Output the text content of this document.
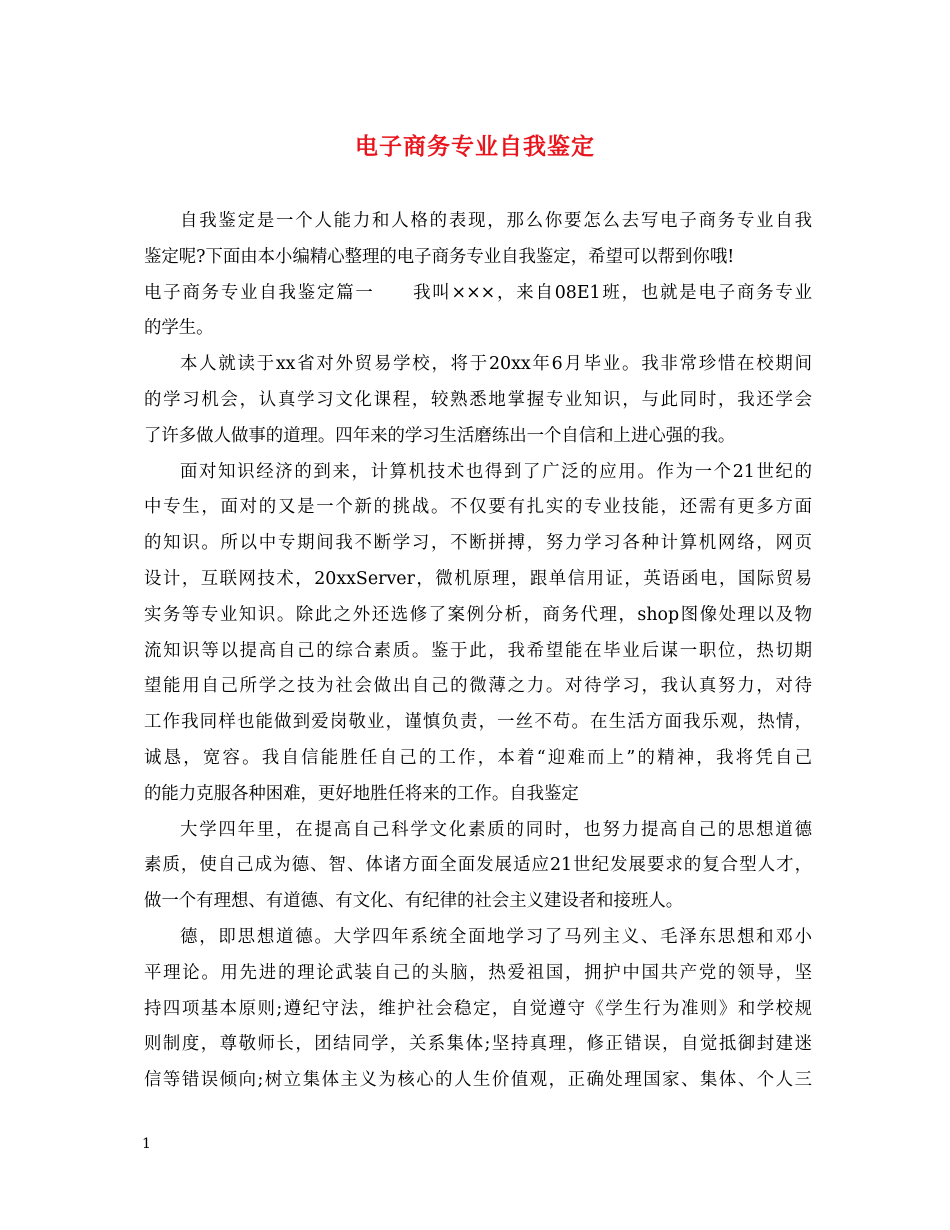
电子商务专业自我鉴定
自我鉴定是一个人能力和人格的表现，那么你要怎么去写电子商务专业自我
鉴定呢?下面由本小编精心整理的电子商务专业自我鉴定，希望可以帮到你哦!
电子商务专业自我鉴定篇一　　我叫×××，来自08E1班，也就是电子商务专业
的学生。
本人就读于xx省对外贸易学校，将于20xx年6月毕业。我非常珍惜在校期间
的学习机会，认真学习文化课程，较熟悉地掌握专业知识，与此同时，我还学会
了许多做人做事的道理。四年来的学习生活磨练出一个自信和上进心强的我。
面对知识经济的到来，计算机技术也得到了广泛的应用。作为一个21世纪的
中专生，面对的又是一个新的挑战。不仅要有扎实的专业技能，还需有更多方面
的知识。所以中专期间我不断学习，不断拼搏，努力学习各种计算机网络，网页
设计，互联网技术，20xxServer，微机原理，跟单信用证，英语函电，国际贸易
实务等专业知识。除此之外还选修了案例分析，商务代理，shop图像处理以及物
流知识等以提高自己的综合素质。鉴于此，我希望能在毕业后谋一职位，热切期
望能用自己所学之技为社会做出自己的微薄之力。对待学习，我认真努力，对待
工作我同样也能做到爱岗敬业，谨慎负责，一丝不苟。在生活方面我乐观，热情，
诚恳，宽容。我自信能胜任自己的工作，本着“迎难而上”的精神，我将凭自己
的能力克服各种困难，更好地胜任将来的工作。自我鉴定
大学四年里，在提高自己科学文化素质的同时，也努力提高自己的思想道德
素质，使自己成为德、智、体诸方面全面发展适应21世纪发展要求的复合型人才，
做一个有理想、有道德、有文化、有纪律的社会主义建设者和接班人。
德，即思想道德。大学四年系统全面地学习了马列主义、毛泽东思想和邓小
平理论。用先进的理论武装自己的头脑，热爱祖国，拥护中国共产党的领导，坚
持四项基本原则;遵纪守法，维护社会稳定，自觉遵守《学生行为准则》和学校规
则制度，尊敬师长，团结同学，关系集体;坚持真理，修正错误，自觉抵御封建迷
信等错误倾向;树立集体主义为核心的人生价值观，正确处理国家、集体、个人三
1
